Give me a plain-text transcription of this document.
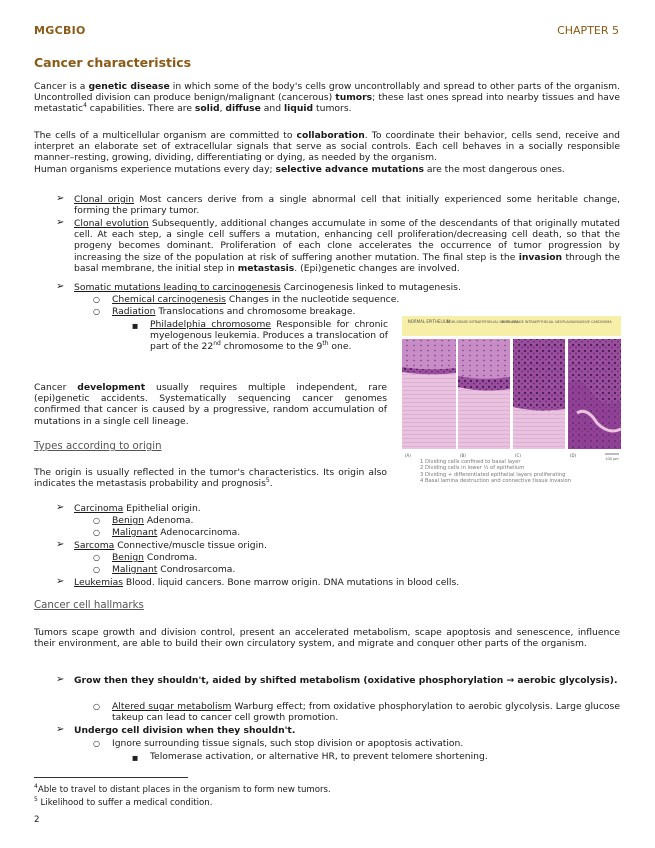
MGCBIO	CHAPTER 5
Cancer characteristics

Cancer is a genetic disease in which some of the body's cells grow uncontrollably and spread to other parts of the organism. Uncontrolled division can produce benign/malignant (cancerous) tumors; these last ones spread into nearby tissues and have metastatic$^4$ capabilities. There are solid, diffuse and liquid tumors.

The cells of a multicellular organism are committed to collaboration. To coordinate their behavior, cells send, receive and interpret an elaborate set of extracellular signals that serve as social controls. Each cell behaves in a socially responsible manner–resting, growing, dividing, differentiating or dying, as needed by the organism.
Human organisms experience mutations every day; selective advance mutations are the most dangerous ones.

➢ Clonal origin Most cancers derive from a single abnormal cell that initially experienced some heritable change, forming the primary tumor.

➢ Clonal evolution Subsequently, additional changes accumulate in some of the descendants of that originally mutated cell. At each step, a single cell suffers a mutation, enhancing cell proliferation/decreasing cell death, so that the progeny becomes dominant. Proliferation of each clone accelerates the occurrence of tumor progression by increasing the size of the population at risk of suffering another mutation. The final step is the invasion through the basal membrane, the initial step in metastasis. (Epi)genetic changes are involved.

➢ Somatic mutations leading to carcinogenesis Carcinogenesis linked to mutagenesis.

○ Chemical carcinogenesis Changes in the nucleotide sequence.

○ Radiation Translocations and chromosome breakage.

■ Philadelphia chromosome Responsible for chronic myelogenous leukemia. Produces a translocation of part of the 22nd chromosome to the 9th one.

NORMAL EPITHELIUM
LOW-GRADE INTRAEPITHELIAL NEOPLASIA
HIGH-GRADE INTRAEPITHELIAL NEOPLASIA INVASIVE CARCINOMA
(A)	(B)	(C)	(D)
100 μm
1 Dividing cells confined to basal layer
2 Dividing cells in lower ⅓ of epithelium
3 Dividing + differentiated epithelial layers proliferating
4 Basal lamina destruction and connective tissue invasion

Cancer development usually requires multiple independent, rare (epi)genetic accidents. Systematically sequencing cancer genomes confirmed that cancer is caused by a progressive, random accumulation of mutations in a single cell lineage.

Types according to origin

The origin is usually reflected in the tumor's characteristics. Its origin also indicates the metastasis probability and prognosis$^5$.

➢ Carcinoma Epithelial origin.

○ Benign Adenoma.

○ Malignant Adenocarcinoma.

➢ Sarcoma Connective/muscle tissue origin.

○ Benign Condroma.

○ Malignant Condrosarcoma.

➢ Leukemias Blood. liquid cancers. Bone marrow origin. DNA mutations in blood cells.

Cancer cell hallmarks

Tumors scape growth and division control, present an accelerated metabolism, scape apoptosis and senescence, influence their environment, are able to build their own circulatory system, and migrate and conquer other parts of the organism.

➢ Grow then they shouldn't, aided by shifted metabolism (oxidative phosphorylation → aerobic glycolysis).

○ Altered sugar metabolism Warburg effect; from oxidative phosphorylation to aerobic glycolysis. Large glucose takeup can lead to cancer cell growth promotion.

➢ Undergo cell division when they shouldn't.

○ Ignore surrounding tissue signals, such stop division or apoptosis activation.

■ Telomerase activation, or alternative HR, to prevent telomere shortening.

$^4$Able to travel to distant places in the organism to form new tumors.
$^5$ Likelihood to suffer a medical condition.
2
